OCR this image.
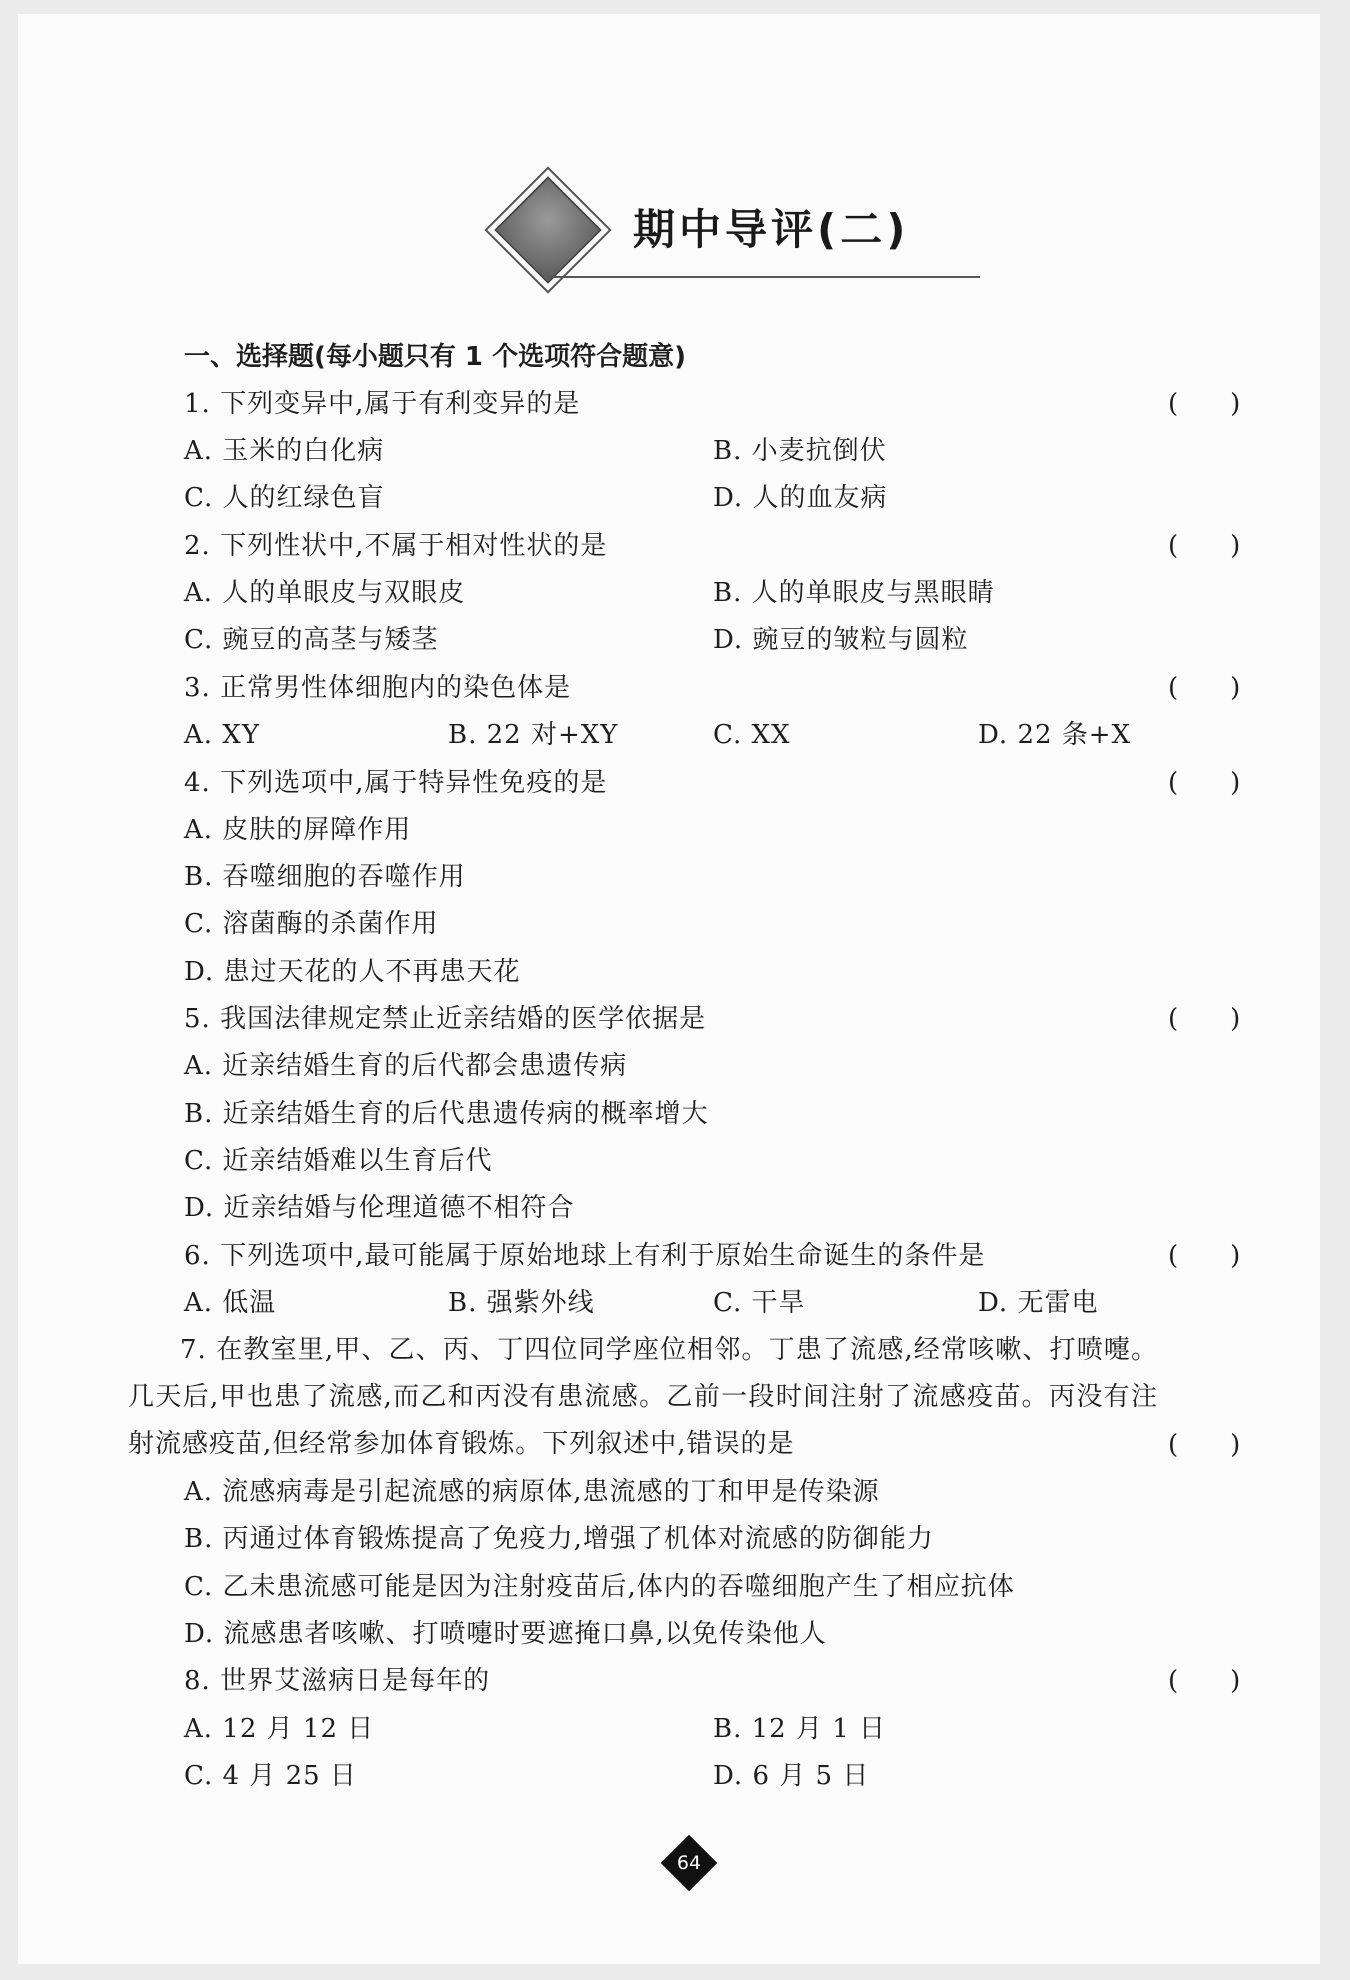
期中导评(二)
一、选择题(每小题只有 1 个选项符合题意)
1. 下列变异中,属于有利变异的是	(　　)
A. 玉米的白化病	B. 小麦抗倒伏
C. 人的红绿色盲	D. 人的血友病
2. 下列性状中,不属于相对性状的是	(　　)
A. 人的单眼皮与双眼皮	B. 人的单眼皮与黑眼睛
C. 豌豆的高茎与矮茎	D. 豌豆的皱粒与圆粒
3. 正常男性体细胞内的染色体是	(　　)
A. XY	B. 22 对+XY	C. XX	D. 22 条+X
4. 下列选项中,属于特异性免疫的是	(　　)
A. 皮肤的屏障作用
B. 吞噬细胞的吞噬作用
C. 溶菌酶的杀菌作用
D. 患过天花的人不再患天花
5. 我国法律规定禁止近亲结婚的医学依据是	(　　)
A. 近亲结婚生育的后代都会患遗传病
B. 近亲结婚生育的后代患遗传病的概率增大
C. 近亲结婚难以生育后代
D. 近亲结婚与伦理道德不相符合
6. 下列选项中,最可能属于原始地球上有利于原始生命诞生的条件是	(　　)
A. 低温	B. 强紫外线	C. 干旱	D. 无雷电
7. 在教室里,甲、乙、丙、丁四位同学座位相邻。丁患了流感,经常咳嗽、打喷嚏。几天后,甲也患了流感,而乙和丙没有患流感。乙前一段时间注射了流感疫苗。丙没有注射流感疫苗,但经常参加体育锻炼。下列叙述中,错误的是	(　　)
A. 流感病毒是引起流感的病原体,患流感的丁和甲是传染源
B. 丙通过体育锻炼提高了免疫力,增强了机体对流感的防御能力
C. 乙未患流感可能是因为注射疫苗后,体内的吞噬细胞产生了相应抗体
D. 流感患者咳嗽、打喷嚏时要遮掩口鼻,以免传染他人
8. 世界艾滋病日是每年的	(　　)
A. 12 月 12 日	B. 12 月 1 日
C. 4 月 25 日	D. 6 月 5 日
64
